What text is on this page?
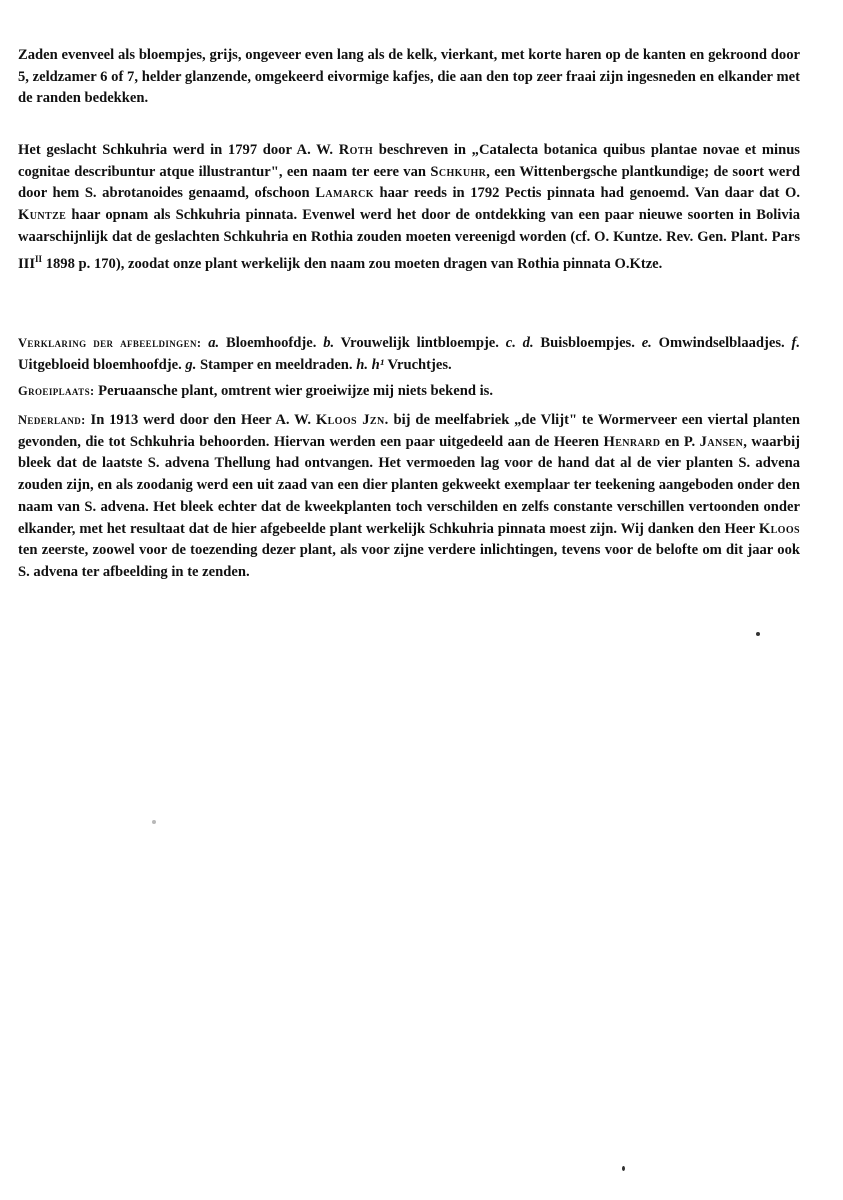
Zaden evenveel als bloempjes, grijs, ongeveer even lang als de kelk, vierkant, met korte haren op de kanten en gekroond door 5, zeldzamer 6 of 7, helder glanzende, omgekeerd eivormige kafjes, die aan den top zeer fraai zijn ingesneden en elkander met de randen bedekken.

Het geslacht Schkuhria werd in 1797 door A. W. Roth beschreven in „Catalecta botanica quibus plantae novae et minus cognitae describuntur atque illustrantur", een naam ter eere van Schkuhr, een Wittenbergsche plantkundige; de soort werd door hem S. abrotanoides genaamd, ofschoon Lamarck haar reeds in 1792 Pectis pinnata had genoemd. Van daar dat O. Kuntze haar opnam als Schkuhria pinnata. Evenwel werd het door de ontdekking van een paar nieuwe soorten in Bolivia waarschijnlijk dat de geslachten Schkuhria en Rothia zouden moeten vereenigd worden (cf. O. Kuntze. Rev. Gen. Plant. Pars $III^{II}$ 1898 p. 170), zoodat onze plant werkelijk den naam zou moeten dragen van Rothia pinnata O.Ktze.

Verklaring der afbeeldingen: a. Bloemhoofdje. b. Vrouwelijk lintbloempje. c. d. Buisbloempjes. e. Omwindselblaadjes. f. Uitgebloeid bloemhoofdje. g. Stamper en meeldraden. h. h¹ Vruchtjes.

Groeiplaats: Peruaansche plant, omtrent wier groeiwijze mij niets bekend is.

Nederland: In 1913 werd door den Heer A. W. Kloos Jzn. bij de meelfabriek „de Vlijt" te Wormerveer een viertal planten gevonden, die tot Schkuhria behoorden. Hiervan werden een paar uitgedeeld aan de Heeren Henrard en P. Jansen, waarbij bleek dat de laatste S. advena Thellung had ontvangen. Het vermoeden lag voor de hand dat al de vier planten S. advena zouden zijn, en als zoodanig werd een uit zaad van een dier planten gekweekt exemplaar ter teekening aangeboden onder den naam van S. advena. Het bleek echter dat de kweekplanten toch verschilden en zelfs constante verschillen vertoonden onder elkander, met het resultaat dat de hier afgebeelde plant werkelijk Schkuhria pinnata moest zijn. Wij danken den Heer Kloos ten zeerste, zoowel voor de toezending dezer plant, als voor zijne verdere inlichtingen, tevens voor de belofte om dit jaar ook S. advena ter afbeelding in te zenden.
